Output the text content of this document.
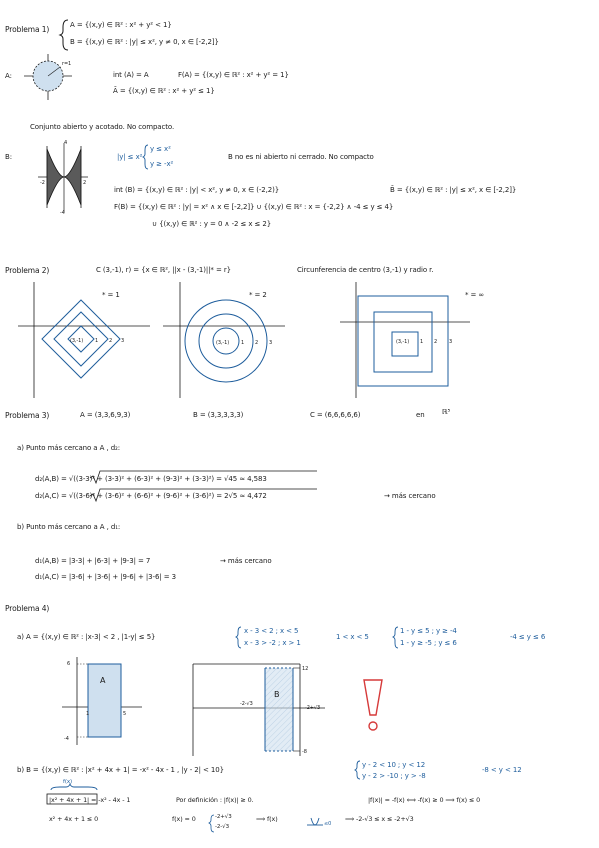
Problema 1)	A = {(x,y) ∈ ℝ² : x² + y² < 1}
B = {(x,y) ∈ ℝ² : |y| ≤ x², y ≠ 0, x ∈ [-2,2]}
A:
r=1
int (A) = A	F(A) = {(x,y) ∈ ℝ² : x² + y² = 1}
Ā = {(x,y) ∈ ℝ² : x² + y² ≤ 1}
Conjunto abierto y acotado. No compacto.
B:
4
-4
-2	2
|y| ≤ x²
y ≤ x²
y ≥ -x²
B no es ni abierto ni cerrado. No compacto
int (B) = {(x,y) ∈ ℝ² : |y| < x², y ≠ 0, x ∈ (-2,2)}	B̄ = {(x,y) ∈ ℝ² : |y| ≤ x², x ∈ [-2,2]}
F(B) = {(x,y) ∈ ℝ² : |y| = x² ∧ x ∈ [-2,2]} ∪ {(x,y) ∈ ℝ² : x = {-2,2} ∧ -4 ≤ y ≤ 4}
∪ {(x,y) ∈ ℝ² : y = 0 ∧ -2 ≤ x ≤ 2}
Problema 2)	C (3,-1), r) = {x ∈ ℝ², ||x - (3,-1)||* = r}	Circunferencia de centro (3,-1) y radio r.
* = 1	* = 2	* = ∞
(3,-1)	(3,-1)	(3,-1)
1 2 3	1 2 3	1 2 3
Problema 3)	A = (3,3,6,9,3)	B = (3,3,3,3,3)	C = (6,6,6,6,6)	en ℝ⁵
a) Punto más cercano a A , d₂:
d₂(A,B) = √((3-3)² + (3-3)² + (6-3)² + (9-3)² + (3-3)²) = √45 ≈ 4,583
d₂(A,C) = √((3-6)² + (3-6)² + (6-6)² + (9-6)² + (3-6)²) = 2√5 ≈ 4,472	→ más cercano
b) Punto más cercano a A , d₁:
d₁(A,B) = |3-3| + |6-3| + |9-3| = 7	→ más cercano
d₁(A,C) = |3-6| + |3-6| + |9-6| + |3-6| = 3
Problema 4)
a) A = {(x,y) ∈ ℝ² : |x-3| < 2 , |1-y| ≤ 5}
x - 3 < 2 ; x < 5
x - 3 > -2 ; x > 1
1 < x < 5
1 - y ≤ 5 ; y ≥ -4
1 - y ≥ -5 ; y ≤ 6
-4 ≤ y ≤ 6
6
-4
1	5
A
B
-2-√3
-2+√3
12
-8
b) B = {(x,y) ∈ ℝ² : |x² + 4x + 1| = -x² - 4x - 1 , |y - 2| < 10}
y - 2 < 10 ; y < 12
y - 2 > -10 ; y > -8
-8 < y < 12
f(x)
|x² + 4x + 1| = -x² - 4x - 1	Por definición : |f(x)| ≥ 0.	|f(x)| = -f(x) ⟺ -f(x) ≥ 0 ⟹ f(x) ≤ 0
x² + 4x + 1 ≤ 0	f(x) = 0	-2+√3
-2-√3
⟹ f(x)
≤0
⟹ -2-√3 ≤ x ≤ -2+√3
